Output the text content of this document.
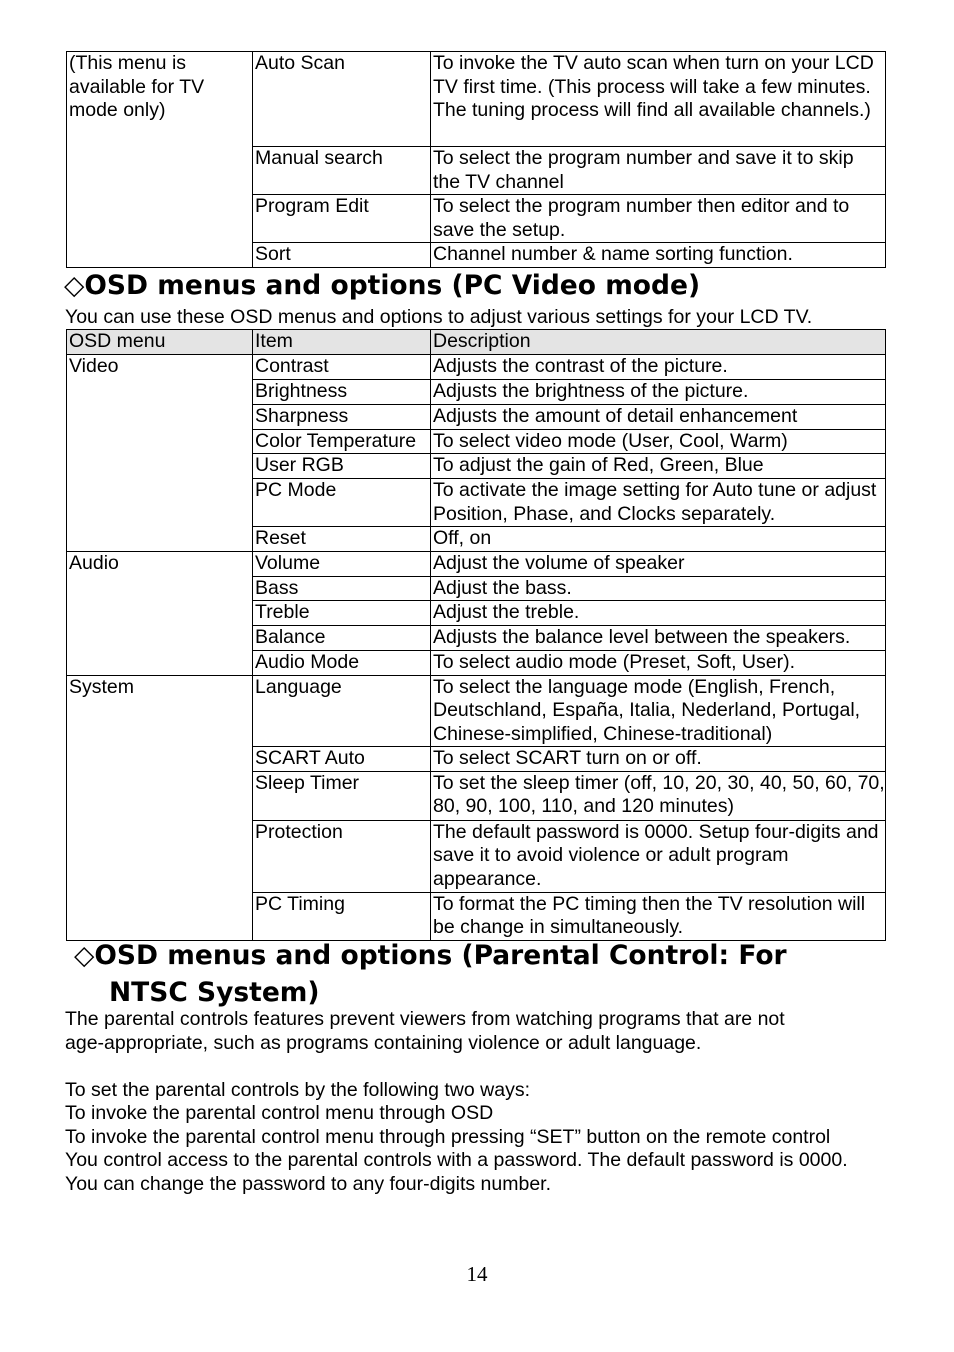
(This menu is available for TV mode only)	Auto Scan	To invoke the TV auto scan when turn on your LCD TV first time. (This process will take a few minutes. The tuning process will find all available channels.)
	Manual search	To select the program number and save it to skip the TV channel
	Program Edit	To select the program number then editor and to save the setup.
	Sort	Channel number & name sorting function.
◇OSD menus and options (PC Video mode)
You can use these OSD menus and options to adjust various settings for your LCD TV.
OSD menu	Item	Description
Video	Contrast	Adjusts the contrast of the picture.
	Brightness	Adjusts the brightness of the picture.
	Sharpness	Adjusts the amount of detail enhancement
	Color Temperature	To select video mode (User, Cool, Warm)
	User RGB	To adjust the gain of Red, Green, Blue
	PC Mode	To activate the image setting for Auto tune or adjust Position, Phase, and Clocks separately.
	Reset	Off, on
Audio	Volume	Adjust the volume of speaker
	Bass	Adjust the bass.
	Treble	Adjust the treble.
	Balance	Adjusts the balance level between the speakers.
	Audio Mode	To select audio mode (Preset, Soft, User).
System	Language	To select the language mode (English, French, Deutschland, España, Italia, Nederland, Portugal, Chinese-simplified, Chinese-traditional)
	SCART Auto	To select SCART turn on or off.
	Sleep Timer	To set the sleep timer (off, 10, 20, 30, 40, 50, 60, 70, 80, 90, 100, 110, and 120 minutes)
	Protection	The default password is 0000. Setup four-digits and save it to avoid violence or adult program appearance.
	PC Timing	To format the PC timing then the TV resolution will be change in simultaneously.
◇OSD menus and options (Parental Control: For
NTSC System)
The parental controls features prevent viewers from watching programs that are not
age-appropriate, such as programs containing violence or adult language.
To set the parental controls by the following two ways:
To invoke the parental control menu through OSD
To invoke the parental control menu through pressing “SET” button on the remote control
You control access to the parental controls with a password. The default password is 0000.
You can change the password to any four-digits number.
14
